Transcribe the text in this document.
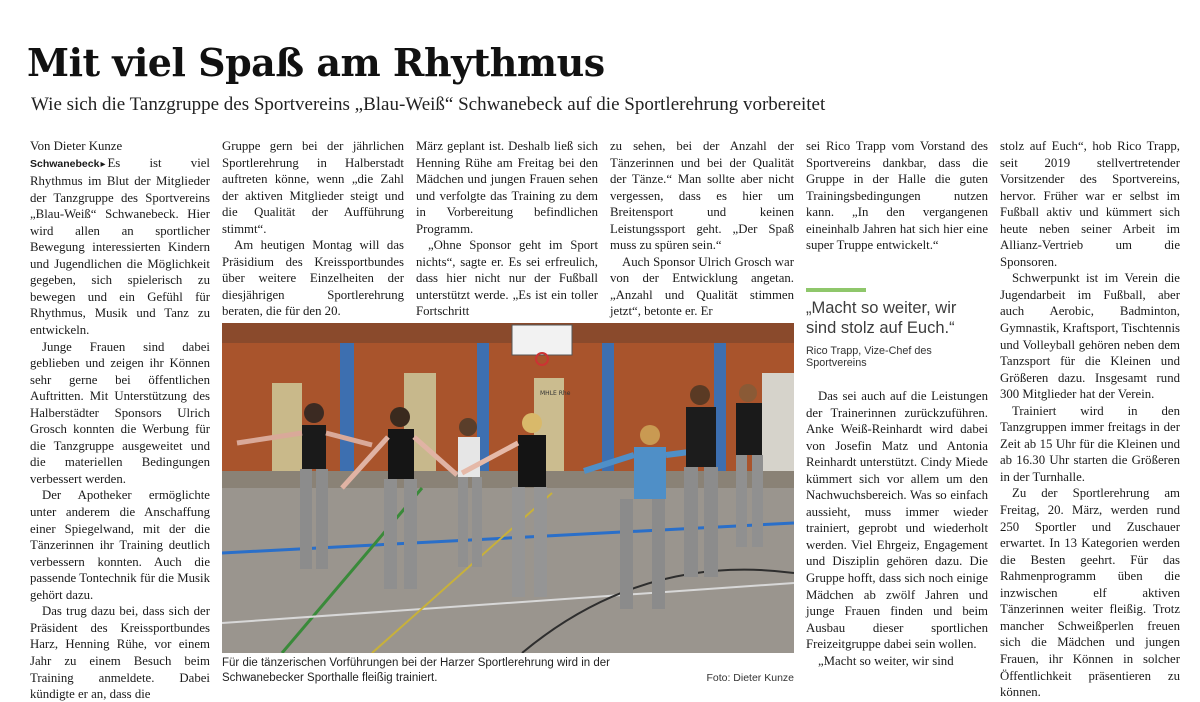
Mit viel Spaß am Rhythmus

Wie sich die Tanzgruppe des Sportvereins „Blau-Weiß“ Schwanebeck auf die Sportlerehrung vorbereitet

Von Dieter Kunze

Schwanebeck▸ Es ist viel Rhythmus im Blut der Mitglieder der Tanzgruppe des Sportvereins „Blau-Weiß“ Schwanebeck. Hier wird allen an sportlicher Bewegung interessierten Kindern und Jugendlichen die Möglichkeit gegeben, sich spielerisch zu bewegen und ein Gefühl für Rhythmus, Musik und Tanz zu entwickeln.

Junge Frauen sind dabei geblieben und zeigen ihr Können sehr gerne bei öffentlichen Auftritten. Mit Unterstützung des Halberstädter Sponsors Ulrich Grosch konnten die Werbung für die Tanzgruppe ausgeweitet und die materiellen Bedingungen verbessert werden.

Der Apotheker ermöglichte unter anderem die Anschaffung einer Spiegelwand, mit der die Tänzerinnen ihr Training deutlich verbessern konnten. Auch die passende Tontechnik für die Musik gehört dazu.

Das trug dazu bei, dass sich der Präsident des Kreissportbundes Harz, Henning Rühe, vor einem Jahr zu einem Besuch beim Training anmeldete. Dabei kündigte er an, dass die

Gruppe gern bei der jährlichen Sportlerehrung in Halberstadt auftreten könne, wenn „die Zahl der aktiven Mitglieder steigt und die Qualität der Aufführung stimmt“.

Am heutigen Montag will das Präsidium des Kreissportbundes über weitere Einzelheiten der diesjährigen Sportlerehrung beraten, die für den 20.

März geplant ist. Deshalb ließ sich Henning Rühe am Freitag bei den Mädchen und jungen Frauen sehen und verfolgte das Training zu dem in Vorbereitung befindlichen Programm.

„Ohne Sponsor geht im Sport nichts“, sagte er. Es sei erfreulich, dass hier nicht nur der Fußball unterstützt werde. „Es ist ein toller Fortschritt

zu sehen, bei der Anzahl der Tänzerinnen und bei der Qualität der Tänze.“ Man sollte aber nicht vergessen, dass es hier um Breitensport und keinen Leistungssport geht. „Der Spaß muss zu spüren sein.“

Auch Sponsor Ulrich Grosch war von der Entwicklung angetan. „Anzahl und Qualität stimmen jetzt“, betonte er. Er

sei Rico Trapp vom Vorstand des Sportvereins dankbar, dass die Gruppe in der Halle die guten Trainingsbedingungen nutzen kann. „In den vergangenen eineinhalb Jahren hat sich hier eine super Truppe entwickelt.“

„Macht so weiter, wir sind stolz auf Euch.“

Rico Trapp, Vize-Chef des Sportvereins

Das sei auch auf die Leistungen der Trainerinnen zurückzuführen. Anke Weiß-Reinhardt wird dabei von Josefin Matz und Antonia Reinhardt unterstützt. Cindy Miede kümmert sich vor allem um den Nachwuchsbereich. Was so einfach aussieht, muss immer wieder trainiert, geprobt und wiederholt werden. Viel Ehrgeiz, Engagement und Disziplin gehören dazu. Die Gruppe hofft, dass sich noch einige Mädchen ab zwölf Jahren und junge Frauen finden und beim Ausbau dieser sportlichen Freizeitgruppe dabei sein wollen.

„Macht so weiter, wir sind

stolz auf Euch“, hob Rico Trapp, seit 2019 stellvertretender Vorsitzender des Sportvereins, hervor. Früher war er selbst im Fußball aktiv und kümmert sich heute neben seiner Arbeit im Allianz-Vertrieb um die Sponsoren.

Schwerpunkt ist im Verein die Jugendarbeit im Fußball, aber auch Aerobic, Badminton, Gymnastik, Kraftsport, Tischtennis und Volleyball gehören neben dem Tanzsport für die Kleinen und Größeren dazu. Insgesamt rund 300 Mitglieder hat der Verein.

Trainiert wird in den Tanzgruppen immer freitags in der Zeit ab 15 Uhr für die Kleinen und ab 16.30 Uhr starten die Größeren in der Turnhalle.

Zu der Sportlerehrung am Freitag, 20. März, werden rund 250 Sportler und Zuschauer erwartet. In 13 Kategorien werden die Besten geehrt. Für das Rahmenprogramm üben die inzwischen elf aktiven Tänzerinnen weiter fleißig. Trotz mancher Schweißperlen freuen sich die Mädchen und jungen Frauen, ihr Können in solcher Öffentlichkeit präsentieren zu können.

MHLE Rhe
Für die tänzerischen Vorführungen bei der Harzer Sportlerehrung wird in der Schwanebecker Sporthalle fleißig trainiert.	Foto: Dieter Kunze
